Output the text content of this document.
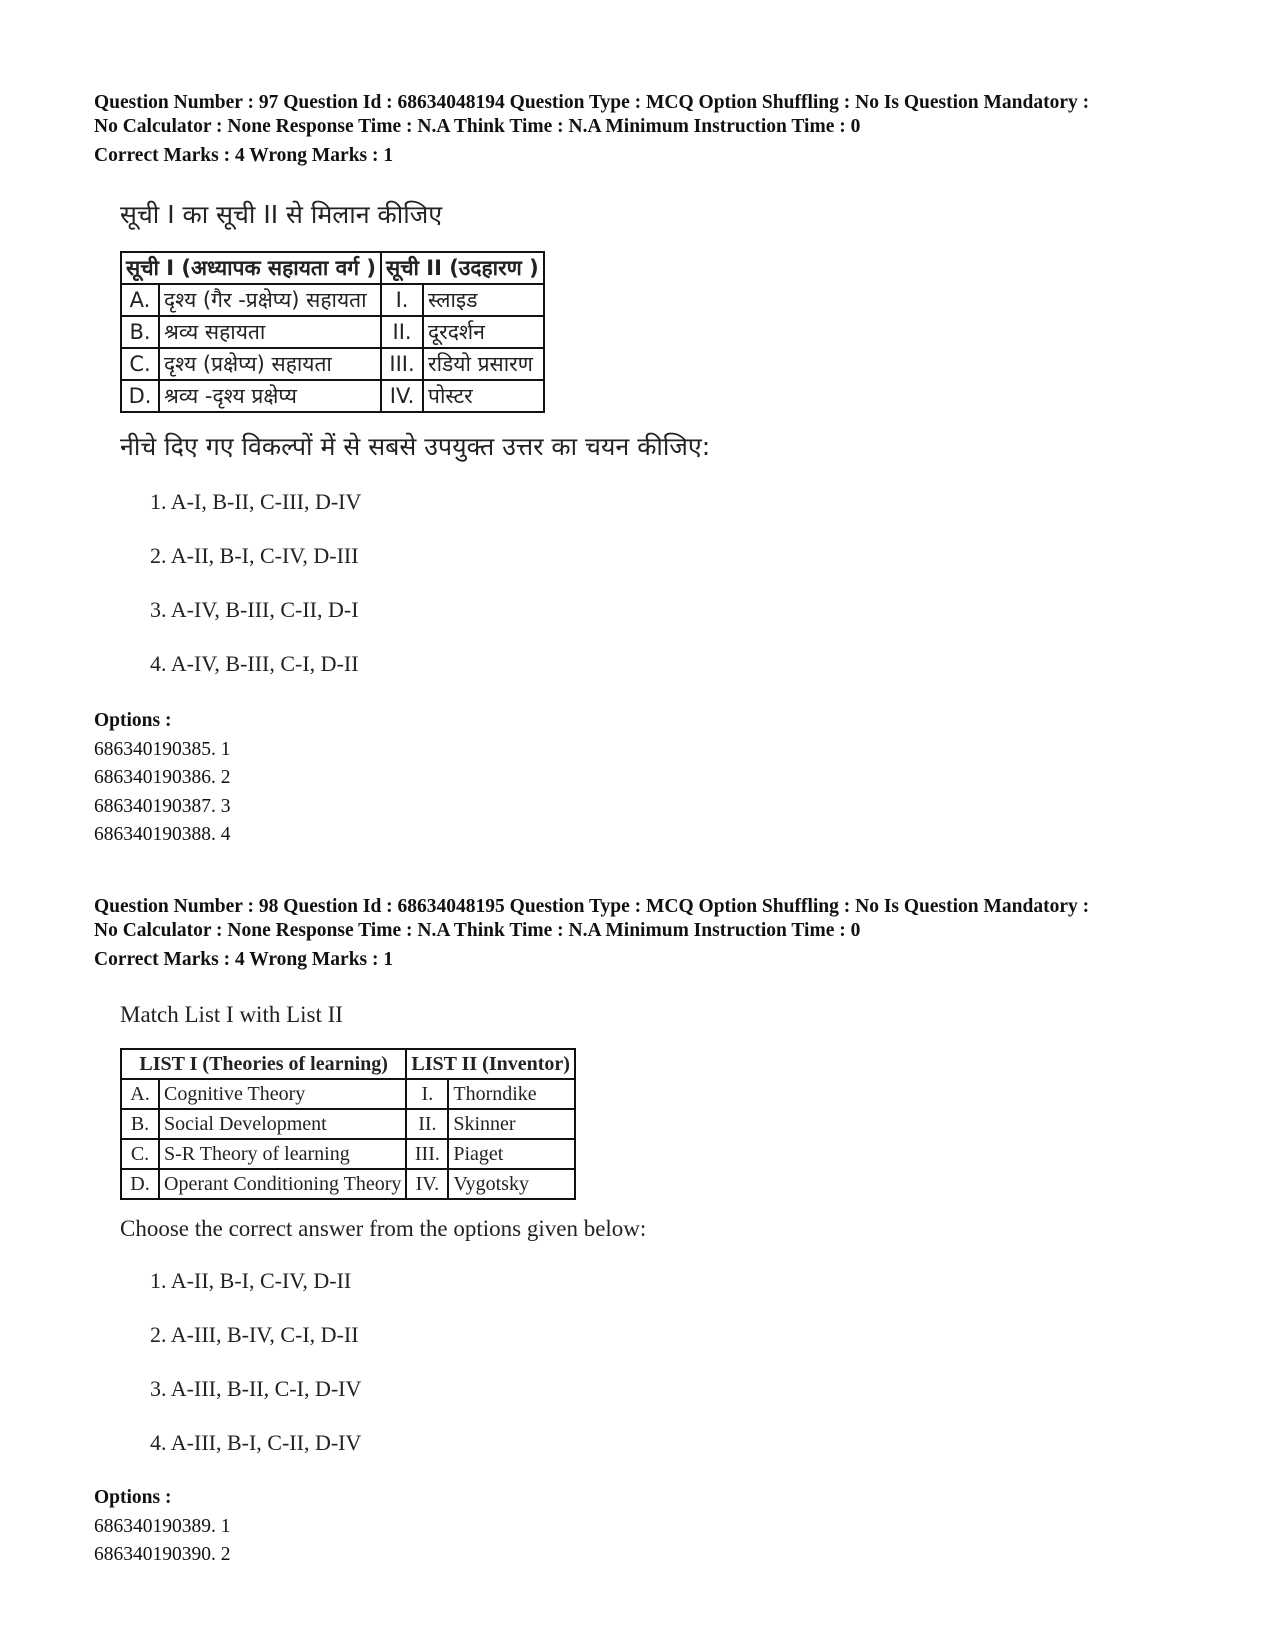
Question Number : 97 Question Id : 68634048194 Question Type : MCQ Option Shuffling : No Is Question Mandatory :

No Calculator : None Response Time : N.A Think Time : N.A Minimum Instruction Time : 0

Correct Marks : 4 Wrong Marks : 1

सूची I का सूची II से मिलान कीजिए

सूची I (अध्यापक सहायता वर्ग )		सूची II (उदहारण )	
A.	दृश्य (गैर -प्रक्षेप्य) सहायता	I.	स्लाइड
B.	श्रव्य सहायता	II.	दूरदर्शन
C.	दृश्य (प्रक्षेप्य) सहायता	III.	रडियो प्रसारण
D.	श्रव्य -दृश्य प्रक्षेप्य	IV.	पोस्टर

नीचे दिए गए विकल्पों में से सबसे उपयुक्त उत्तर का चयन कीजिए:

1. A-I, B-II, C-III, D-IV
2. A-II, B-I, C-IV, D-III
3. A-IV, B-III, C-II, D-I
4. A-IV, B-III, C-I, D-II
Options :
686340190385. 1
686340190386. 2
686340190387. 3
686340190388. 4

Question Number : 98 Question Id : 68634048195 Question Type : MCQ Option Shuffling : No Is Question Mandatory :

No Calculator : None Response Time : N.A Think Time : N.A Minimum Instruction Time : 0

Correct Marks : 4 Wrong Marks : 1

Match List I with List II

LIST I (Theories of learning)		LIST II (Inventor)	
A.	Cognitive Theory	I.	Thorndike
B.	Social Development	II.	Skinner
C.	S-R Theory of learning	III.	Piaget
D.	Operant Conditioning Theory	IV.	Vygotsky

Choose the correct answer from the options given below:

1. A-II, B-I, C-IV, D-II
2. A-III, B-IV, C-I, D-II
3. A-III, B-II, C-I, D-IV
4. A-III, B-I, C-II, D-IV
Options :
686340190389. 1
686340190390. 2
